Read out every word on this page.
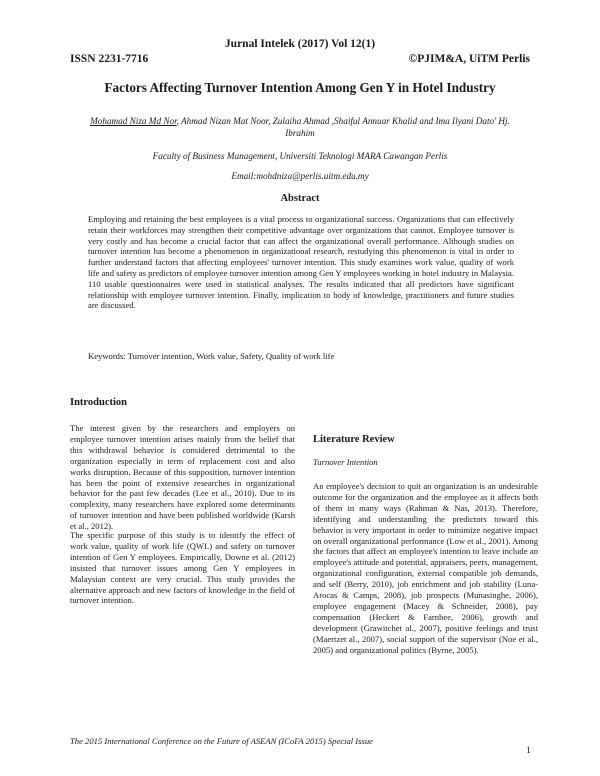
Jurnal Intelek (2017) Vol 12(1)
ISSN 2231-7716	©PJIM&A, UiTM Perlis
Factors Affecting Turnover Intention Among Gen Y in Hotel Industry
Mohamad Niza Md Nor, Ahmad Nizan Mat Noor, Zulaiha Ahmad ,Shaiful Annuar Khalid and Ima Ilyani Dato' Hj. Ibrahim
Faculty of Business Management, Universiti Teknologi MARA Cawangan Perlis
Email:mohdniza@perlis.uitm.edu.my
Abstract
Employing and retaining the best employees is a vital process to organizational success. Organizations that can effectively retain their workforces may strengthen their competitive advantage over organizations that cannot. Employee turnover is very costly and has become a crucial factor that can affect the organizational overall performance. Although studies on turnover intention has become a phenomenon in organizational research, restudying this phenomenon is vital in order to further understand factors that affecting employees' turnover intention. This study examines work value, quality of work life and safety as predictors of employee turnover intention among Gen Y employees working in hotel industry in Malaysia. 110 usable questionnaires were used in statistical analyses. The results indicated that all predictors have significant relationship with employee turnover intention. Finally, implication to body of knowledge, practitioners and future studies are discussed.
Keywords: Turnover intention, Work value, Safety, Quality of work life
Introduction
The interest given by the researchers and employers on employee turnover intention arises mainly from the belief that this withdrawal behavior is considered detrimental to the organization especially in term of replacement cost and also works disruption. Because of this supposition, turnover intention has been the point of extensive researches in organizational behavior for the past few decades (Lee et al., 2010). Due to its complexity, many researchers have explored some determinants of turnover intention and have been published worldwide (Karsh et al., 2012).
The specific purpose of this study is to identify the effect of work value, quality of work life (QWL) and safety on turnover intention of Gen Y employees. Empirically, Downe et al. (2012) insisted that turnover issues among Gen Y employees in Malaysian context are very crucial. This study provides the alternative approach and new factors of knowledge in the field of turnover intention.
Literature Review
Turnover Intention
An employee's decision to quit an organization is an undesirable outcome for the organization and the employee as it affects both of them in many ways (Rahman & Nas, 2013). Therefore, identifying and understanding the predictors toward this behavior is very important in order to minimize negative impact on overall organizational performance (Low et al., 2001). Among the factors that affect an employee's intention to leave include an employee's attitude and potential, appraisers, peers, management, organizational configuration, external compatible job demands, and self (Berry, 2010), job enrichment and job stability (Luna-Arocas & Camps, 2008), job prospects (Munasinghe, 2006), employee engagement (Macey & Schneider, 2008), pay compensation (Heckert & Farnbee, 2006), growth and development (Grawitchet al., 2007), positive feelings and trust (Maertzet al., 2007), social support of the supervisor (Noe et al., 2005) and organizational politics (Byrne, 2005).
The 2015 International Conference on the Future of ASEAN (ICoFA 2015) Special Issue
1
